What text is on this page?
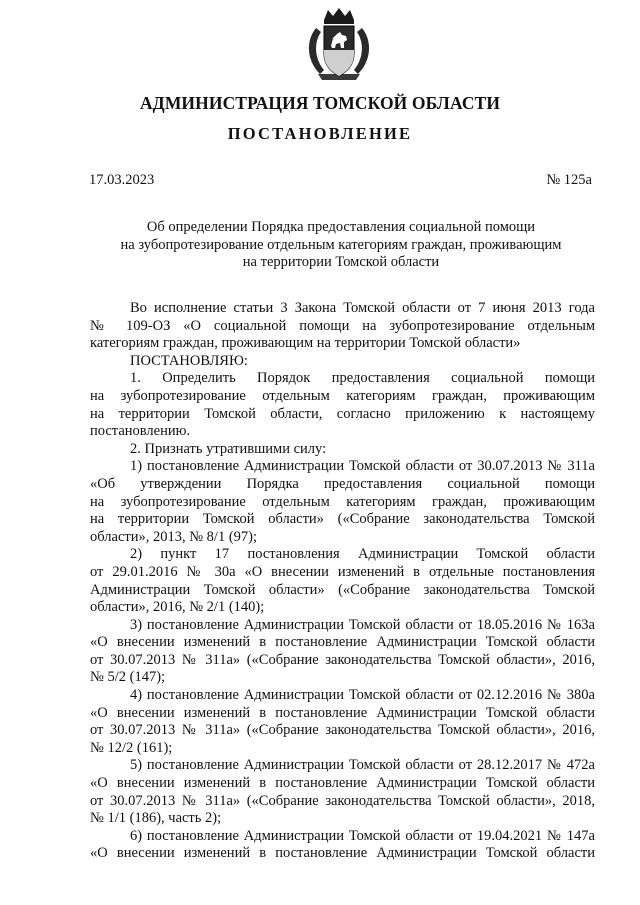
АДМИНИСТРАЦИЯ ТОМСКОЙ ОБЛАСТИ
ПОСТАНОВЛЕНИЕ
17.03.2023	№ 125а
Об определении Порядка предоставления социальной помощи
на зубопротезирование отдельным категориям граждан, проживающим
на территории Томской области

Во исполнение статьи 3 Закона Томской области от 7 июня 2013 года

№ 109-ОЗ «О социальной помощи на зубопротезирование отдельным

категориям граждан, проживающим на территории Томской области»

ПОСТАНОВЛЯЮ:

1. Определить Порядок предоставления социальной помощи

на зубопротезирование отдельным категориям граждан, проживающим

на территории Томской области, согласно приложению к настоящему

постановлению.

2. Признать утратившими силу:

1) постановление Администрации Томской области от 30.07.2013 № 311а

«Об утверждении Порядка предоставления социальной помощи

на зубопротезирование отдельным категориям граждан, проживающим

на территории Томской области» («Собрание законодательства Томской

области», 2013, № 8/1 (97);

2) пункт 17 постановления Администрации Томской области

от 29.01.2016 № 30а «О внесении изменений в отдельные постановления

Администрации Томской области» («Собрание законодательства Томской

области», 2016, № 2/1 (140);

3) постановление Администрации Томской области от 18.05.2016 № 163а

«О внесении изменений в постановление Администрации Томской области

от 30.07.2013 № 311а» («Собрание законодательства Томской области», 2016,

№ 5/2 (147);

4) постановление Администрации Томской области от 02.12.2016 № 380а

«О внесении изменений в постановление Администрации Томской области

от 30.07.2013 № 311а» («Собрание законодательства Томской области», 2016,

№ 12/2 (161);

5) постановление Администрации Томской области от 28.12.2017 № 472а

«О внесении изменений в постановление Администрации Томской области

от 30.07.2013 № 311а» («Собрание законодательства Томской области», 2018,

№ 1/1 (186), часть 2);

6) постановление Администрации Томской области от 19.04.2021 № 147а

«О внесении изменений в постановление Администрации Томской области
